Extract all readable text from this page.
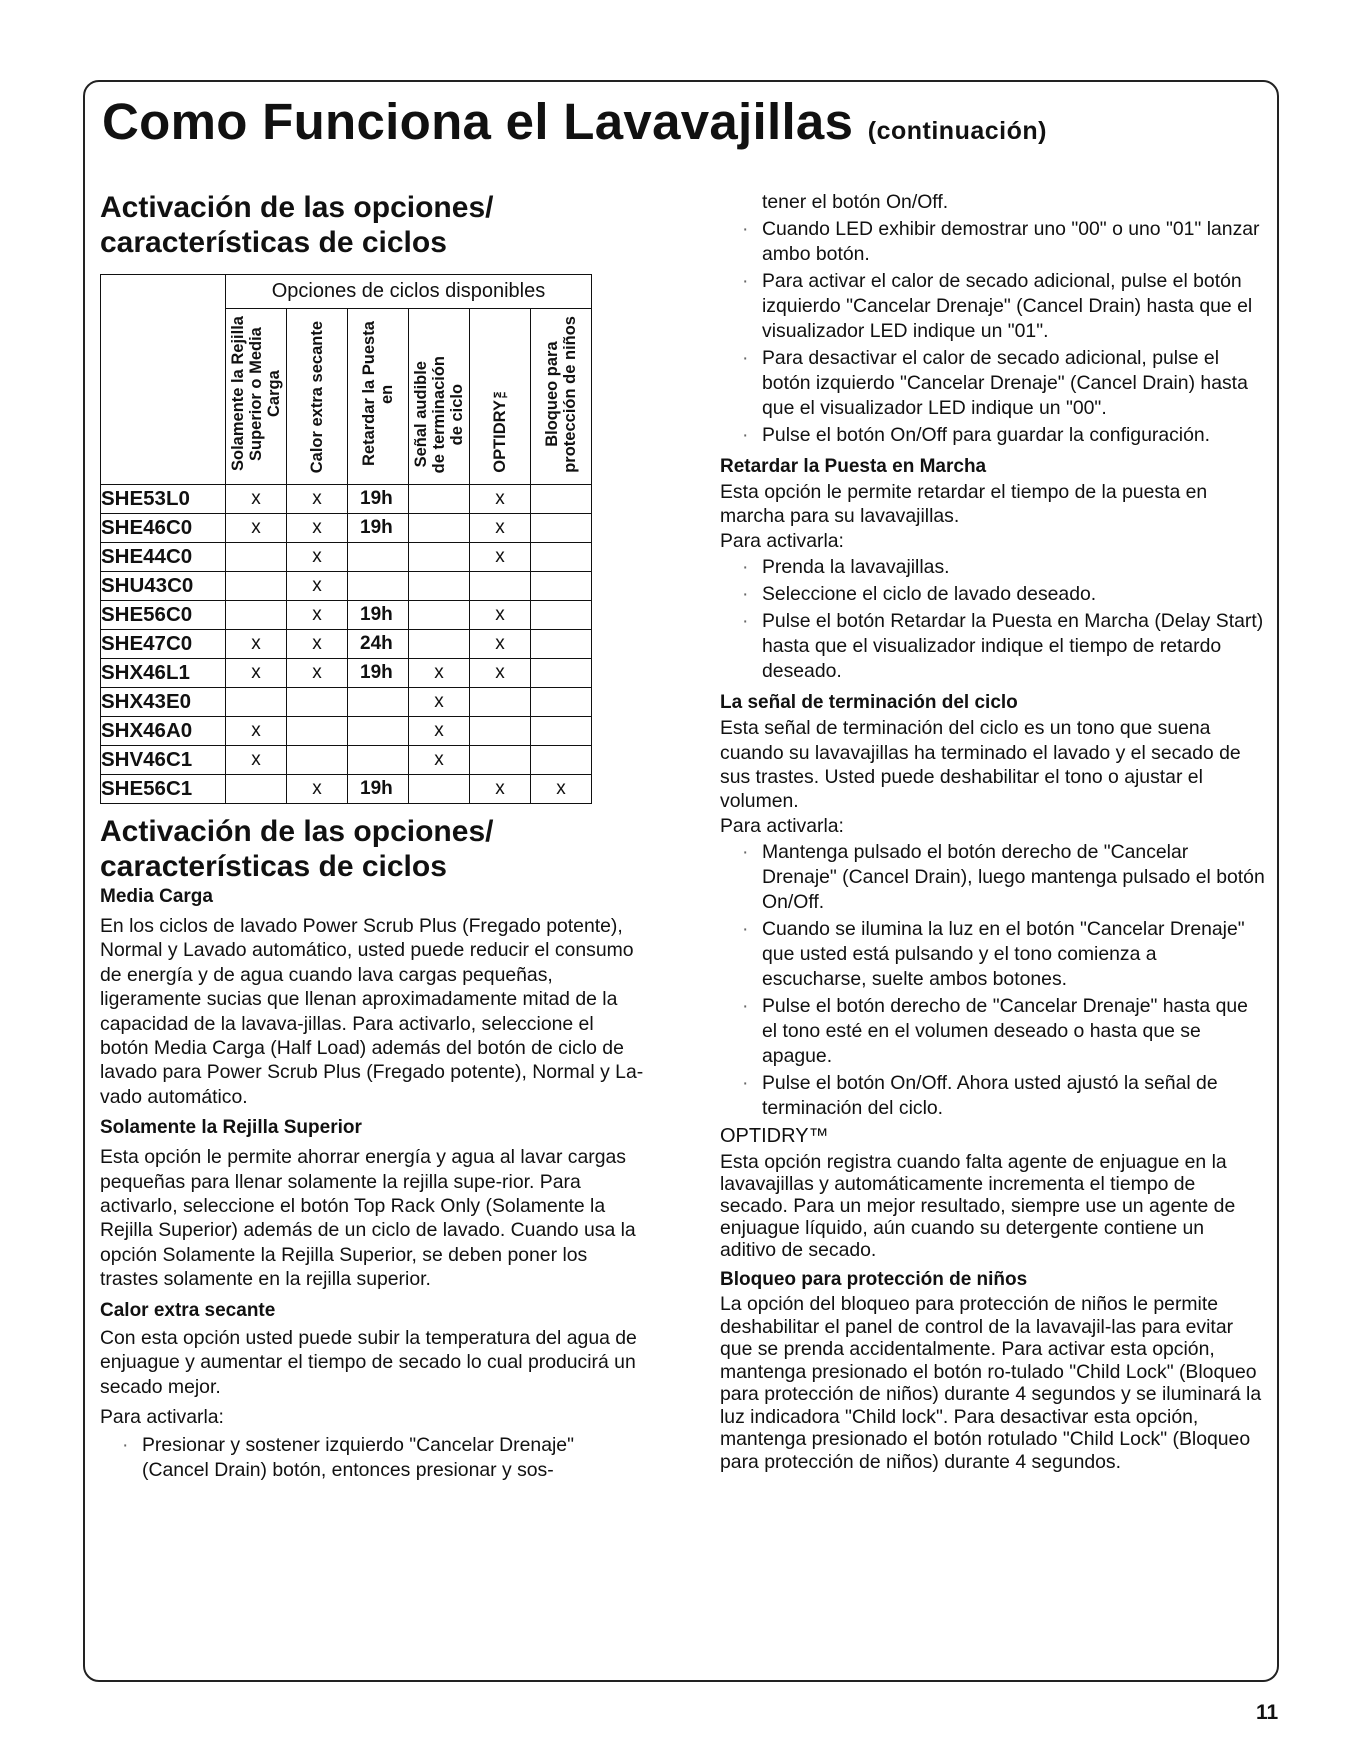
Como Funciona el Lavavajillas (continuación)
Activación de las opciones/ características de ciclos
	Opciones de ciclos disponibles					
	Solamente la Rejilla
Superior o Media Carga	Calor extra secante	Retardar la Puesta en	Señal audible
de terminación
de ciclo	OPTIDRY™	Bloqueo para
protección de niños
SHE53L0	x	x	19h		x	
SHE46C0	x	x	19h		x	
SHE44C0		x			x	
SHU43C0		x				
SHE56C0		x	19h		x	
SHE47C0	x	x	24h		x	
SHX46L1	x	x	19h	x	x	
SHX43E0				x		
SHX46A0	x			x		
SHV46C1	x			x		
SHE56C1		x	19h		x	x
Activación de las opciones/ características de ciclos
Media Carga

En los ciclos de lavado Power Scrub Plus (Fregado potente), Normal y Lavado automático, usted puede reducir el consumo de energía y de agua cuando lava cargas pequeñas, ligeramente sucias que llenan aproximadamente mitad de la capacidad de la lavava-jillas. Para activarlo, seleccione el botón Media Carga (Half Load) además del botón de ciclo de lavado para Power Scrub Plus (Fregado potente), Normal y La-vado automático.

Solamente la Rejilla Superior

Esta opción le permite ahorrar energía y agua al lavar cargas pequeñas para llenar solamente la rejilla supe-rior. Para activarlo, seleccione el botón Top Rack Only (Solamente la Rejilla Superior) además de un ciclo de lavado. Cuando usa la opción Solamente la Rejilla Superior, se deben poner los trastes solamente en la rejilla superior.

Calor extra secante

Con esta opción usted puede subir la temperatura del agua de enjuague y aumentar el tiempo de secado lo cual producirá un secado mejor.

Para activarla:

· Presionar y sostener izquierdo "Cancelar Drenaje" (Cancel Drain) botón, entonces presionar y sos-
tener el botón On/Off.
· Cuando LED exhibir demostrar uno "00" o uno "01" lanzar ambo botón.
· Para activar el calor de secado adicional, pulse el botón izquierdo "Cancelar Drenaje" (Cancel Drain) hasta que el visualizador LED indique un "01".
· Para desactivar el calor de secado adicional, pulse el botón izquierdo "Cancelar Drenaje" (Cancel Drain) hasta que el visualizador LED indique un "00".
· Pulse el botón On/Off para guardar la configuración.
Retardar la Puesta en Marcha

Esta opción le permite retardar el tiempo de la puesta en marcha para su lavavajillas.

Para activarla:

· Prenda la lavavajillas.
· Seleccione el ciclo de lavado deseado.
· Pulse el botón Retardar la Puesta en Marcha (Delay Start) hasta que el visualizador indique el tiempo de retardo deseado.
La señal de terminación del ciclo

Esta señal de terminación del ciclo es un tono que suena cuando su lavavajillas ha terminado el lavado y el secado de sus trastes. Usted puede deshabilitar el tono o ajustar el volumen.

Para activarla:

· Mantenga pulsado el botón derecho de "Cancelar Drenaje" (Cancel Drain), luego mantenga pulsado el botón On/Off.
· Cuando se ilumina la luz en el botón "Cancelar Drenaje" que usted está pulsando y el tono comienza a escucharse, suelte ambos botones.
· Pulse el botón derecho de "Cancelar Drenaje" hasta que el tono esté en el volumen deseado o hasta que se apague.
· Pulse el botón On/Off. Ahora usted ajustó la señal de terminación del ciclo.
OPTIDRY™

Esta opción registra cuando falta agente de enjuague en la lavavajillas y automáticamente incrementa el tiempo de secado. Para un mejor resultado, siempre use un agente de enjuague líquido, aún cuando su detergente contiene un aditivo de secado.

Bloqueo para protección de niños

La opción del bloqueo para protección de niños le permite deshabilitar el panel de control de la lavavajil-las para evitar que se prenda accidentalmente. Para activar esta opción, mantenga presionado el botón ro-tulado "Child Lock" (Bloqueo para protección de niños) durante 4 segundos y se iluminará la luz indicadora "Child lock". Para desactivar esta opción, mantenga presionado el botón rotulado "Child Lock" (Bloqueo para protección de niños) durante 4 segundos.

11
